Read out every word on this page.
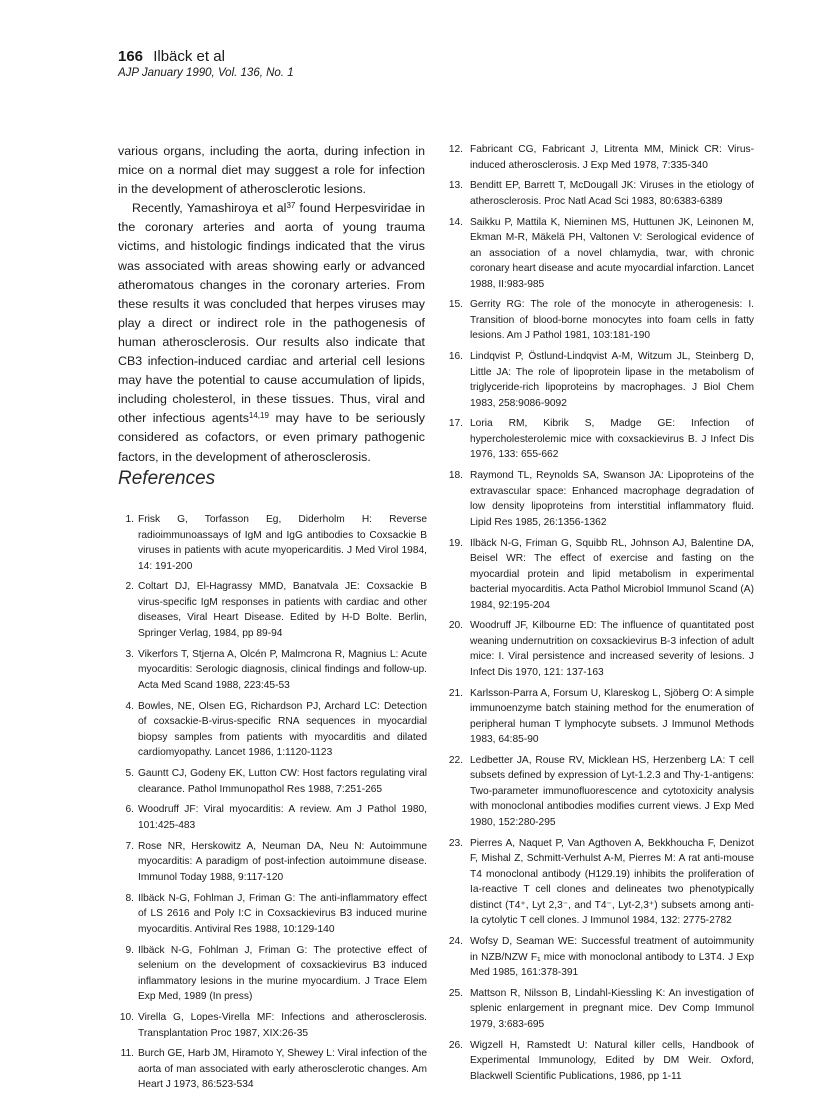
166 Ilbäck et al
AJP January 1990, Vol. 136, No. 1

various organs, including the aorta, during infection in mice on a normal diet may suggest a role for infection in the development of atherosclerotic lesions.

Recently, Yamashiroya et $al^{37}$ found Herpesviridae in the coronary arteries and aorta of young trauma victims, and histologic findings indicated that the virus was associated with areas showing early or advanced atheromatous changes in the coronary arteries. From these results it was concluded that herpes viruses may play a direct or indirect role in the pathogenesis of human atherosclerosis. Our results also indicate that CB3 infection-induced cardiac and arterial cell lesions may have the potential to cause accumulation of lipids, including cholesterol, in these tissues. Thus, viral and other infectious agents$^{14,19}$ may have to be seriously considered as cofactors, or even primary pathogenic factors, in the development of atherosclerosis.

References
1. Frisk G, Torfasson Eg, Diderholm H: Reverse radioimmunoassays of IgM and IgG antibodies to Coxsackie B viruses in patients with acute myopericarditis. J Med Virol 1984, 14: 191-200
2. Coltart DJ, El-Hagrassy MMD, Banatvala JE: Coxsackie B virus-specific IgM responses in patients with cardiac and other diseases, Viral Heart Disease. Edited by H-D Bolte. Berlin, Springer Verlag, 1984, pp 89-94
3. Vikerfors T, Stjerna A, Olcén P, Malmcrona R, Magnius L: Acute myocarditis: Serologic diagnosis, clinical findings and follow-up. Acta Med Scand 1988, 223:45-53
4. Bowles, NE, Olsen EG, Richardson PJ, Archard LC: Detection of coxsackie-B-virus-specific RNA sequences in myocardial biopsy samples from patients with myocarditis and dilated cardiomyopathy. Lancet 1986, 1:1120-1123
5. Gauntt CJ, Godeny EK, Lutton CW: Host factors regulating viral clearance. Pathol Immunopathol Res 1988, 7:251-265
6. Woodruff JF: Viral myocarditis: A review. Am J Pathol 1980, 101:425-483
7. Rose NR, Herskowitz A, Neuman DA, Neu N: Autoimmune myocarditis: A paradigm of post-infection autoimmune disease. Immunol Today 1988, 9:117-120
8. Ilbäck N-G, Fohlman J, Friman G: The anti-inflammatory effect of LS 2616 and Poly I:C in Coxsackievirus B3 induced murine myocarditis. Antiviral Res 1988, 10:129-140
9. Ilbäck N-G, Fohlman J, Friman G: The protective effect of selenium on the development of coxsackievirus B3 induced inflammatory lesions in the murine myocardium. J Trace Elem Exp Med, 1989 (In press)
10. Virella G, Lopes-Virella MF: Infections and atherosclerosis. Transplantation Proc 1987, XIX:26-35
11. Burch GE, Harb JM, Hiramoto Y, Shewey L: Viral infection of the aorta of man associated with early atherosclerotic changes. Am Heart J 1973, 86:523-534
12. Fabricant CG, Fabricant J, Litrenta MM, Minick CR: Virus-induced atherosclerosis. J Exp Med 1978, 7:335-340
13. Benditt EP, Barrett T, McDougall JK: Viruses in the etiology of atherosclerosis. Proc Natl Acad Sci 1983, 80:6383-6389
14. Saikku P, Mattila K, Nieminen MS, Huttunen JK, Leinonen M, Ekman M-R, Mäkelä PH, Valtonen V: Serological evidence of an association of a novel chlamydia, twar, with chronic coronary heart disease and acute myocardial infarction. Lancet 1988, II:983-985
15. Gerrity RG: The role of the monocyte in atherogenesis: I. Transition of blood-borne monocytes into foam cells in fatty lesions. Am J Pathol 1981, 103:181-190
16. Lindqvist P, Östlund-Lindqvist A-M, Witzum JL, Steinberg D, Little JA: The role of lipoprotein lipase in the metabolism of triglyceride-rich lipoproteins by macrophages. J Biol Chem 1983, 258:9086-9092
17. Loria RM, Kibrik S, Madge GE: Infection of hypercholesterolemic mice with coxsackievirus B. J Infect Dis 1976, 133: 655-662
18. Raymond TL, Reynolds SA, Swanson JA: Lipoproteins of the extravascular space: Enhanced macrophage degradation of low density lipoproteins from interstitial inflammatory fluid. Lipid Res 1985, 26:1356-1362
19. Ilbäck N-G, Friman G, Squibb RL, Johnson AJ, Balentine DA, Beisel WR: The effect of exercise and fasting on the myocardial protein and lipid metabolism in experimental bacterial myocarditis. Acta Pathol Microbiol Immunol Scand (A) 1984, 92:195-204
20. Woodruff JF, Kilbourne ED: The influence of quantitated post weaning undernutrition on coxsackievirus B-3 infection of adult mice: I. Viral persistence and increased severity of lesions. J Infect Dis 1970, 121: 137-163
21. Karlsson-Parra A, Forsum U, Klareskog L, Sjöberg O: A simple immunoenzyme batch staining method for the enumeration of peripheral human T lymphocyte subsets. J Immunol Methods 1983, 64:85-90
22. Ledbetter JA, Rouse RV, Micklean HS, Herzenberg LA: T cell subsets defined by expression of Lyt-1.2.3 and Thy-1-antigens: Two-parameter immunofluorescence and cytotoxicity analysis with monoclonal antibodies modifies current views. J Exp Med 1980, 152:280-295
23. Pierres A, Naquet P, Van Agthoven A, Bekkhoucha F, Denizot F, Mishal Z, Schmitt-Verhulst A-M, Pierres M: A rat anti-mouse T4 monoclonal antibody (H129.19) inhibits the proliferation of Ia-reactive T cell clones and delineates two phenotypically distinct (T4⁺, Lyt 2,3⁻, and T4⁻, Lyt-2,3⁺) subsets among anti-Ia cytolytic T cell clones. J Immunol 1984, 132: 2775-2782
24. Wofsy D, Seaman WE: Successful treatment of autoimmunity in NZB/NZW F₁ mice with monoclonal antibody to L3T4. J Exp Med 1985, 161:378-391
25. Mattson R, Nilsson B, Lindahl-Kiessling K: An investigation of splenic enlargement in pregnant mice. Dev Comp Immunol 1979, 3:683-695
26. Wigzell H, Ramstedt U: Natural killer cells, Handbook of Experimental Immunology, Edited by DM Weir. Oxford, Blackwell Scientific Publications, 1986, pp 1-11
